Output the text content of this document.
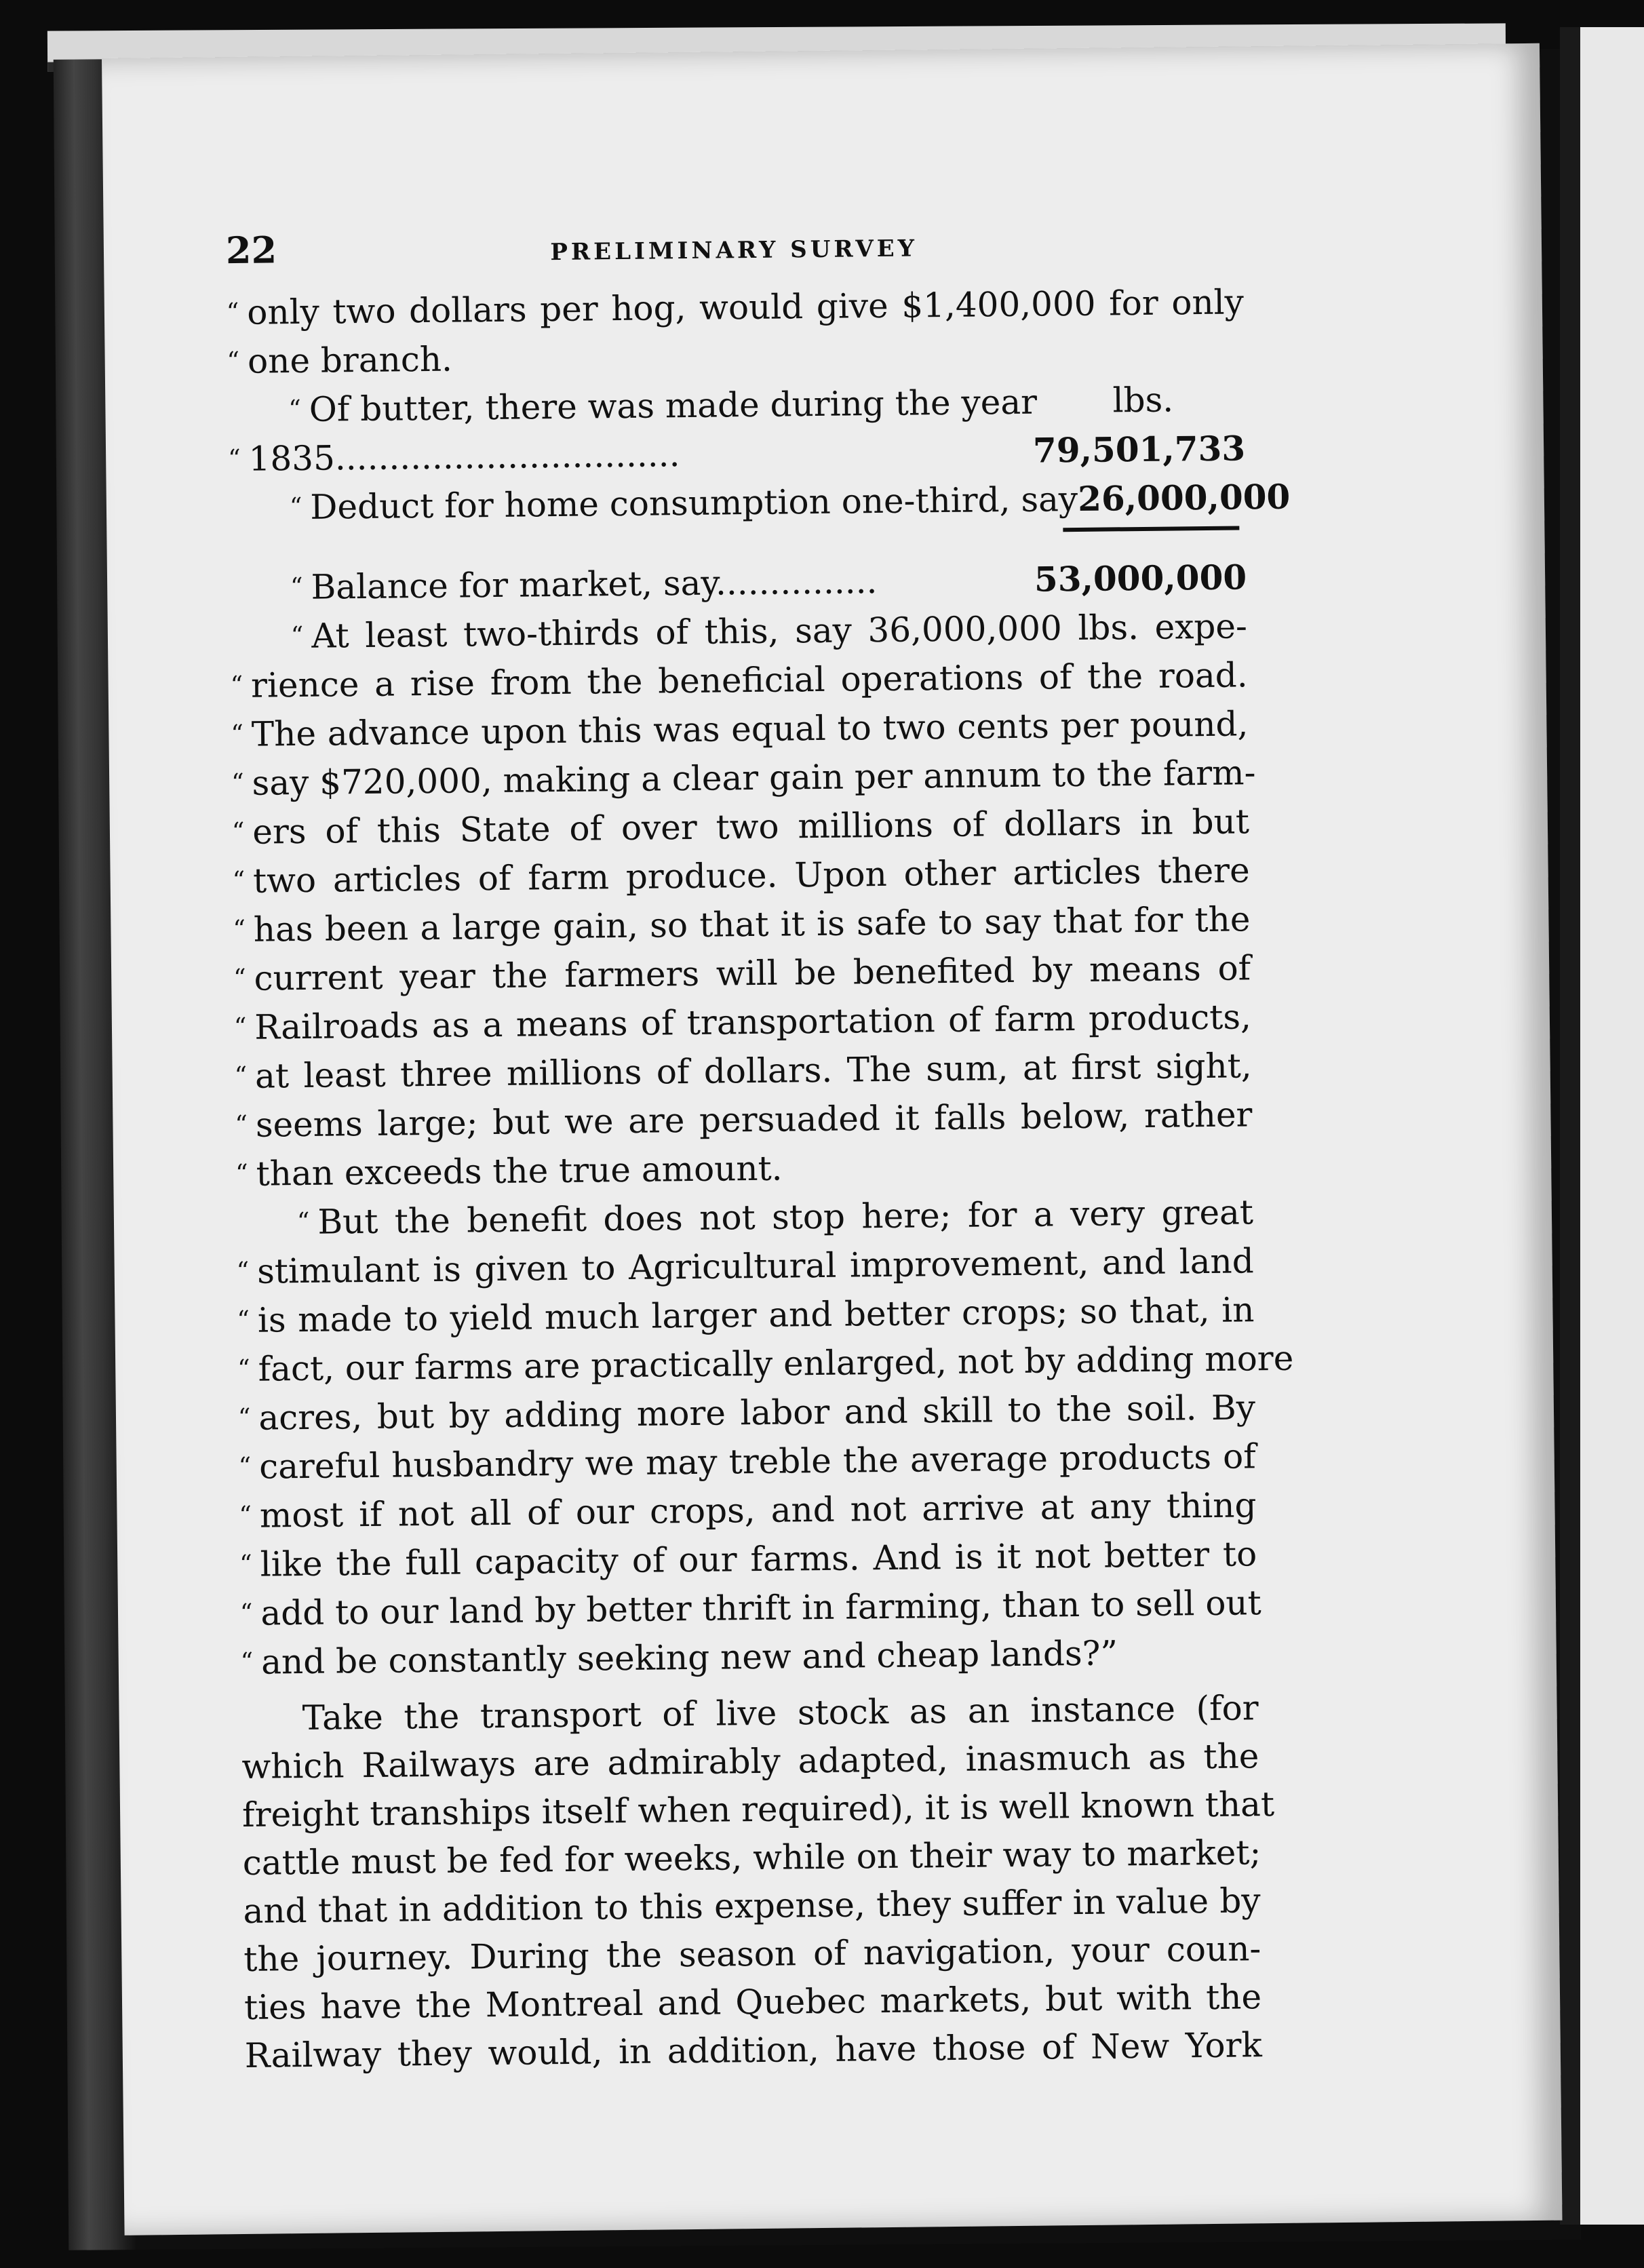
22	PRELIMINARY SURVEY
“ only two dollars per hog, would give $1,400,000 for only
“ one branch.
“ Of butter, there was made during the year	lbs.
“ 1835................................	79,501,733
“ Deduct for home consumption one-third, say 26,000,000
“ Balance for market, say...............	53,000,000
“ At least two-thirds of this, say 36,000,000 lbs. expe-
“ rience a rise from the beneficial operations of the road.
“ The advance upon this was equal to two cents per pound,
“ say $720,000, making a clear gain per annum to the farm-
“ ers of this State of over two millions of dollars in but
“ two articles of farm produce. Upon other articles there
“ has been a large gain, so that it is safe to say that for the
“ current year the farmers will be benefited by means of
“ Railroads as a means of transportation of farm products,
“ at least three millions of dollars. The sum, at first sight,
“ seems large; but we are persuaded it falls below, rather
“ than exceeds the true amount.
“ But the benefit does not stop here; for a very great
“ stimulant is given to Agricultural improvement, and land
“ is made to yield much larger and better crops; so that, in
“ fact, our farms are practically enlarged, not by adding more
“ acres, but by adding more labor and skill to the soil. By
“ careful husbandry we may treble the average products of
“ most if not all of our crops, and not arrive at any thing
“ like the full capacity of our farms. And is it not better to
“ add to our land by better thrift in farming, than to sell out
“ and be constantly seeking new and cheap lands?”
Take the transport of live stock as an instance (for
which Railways are admirably adapted, inasmuch as the
freight tranships itself when required), it is well known that
cattle must be fed for weeks, while on their way to market;
and that in addition to this expense, they suffer in value by
the journey. During the season of navigation, your coun-
ties have the Montreal and Quebec markets, but with the
Railway they would, in addition, have those of New York
